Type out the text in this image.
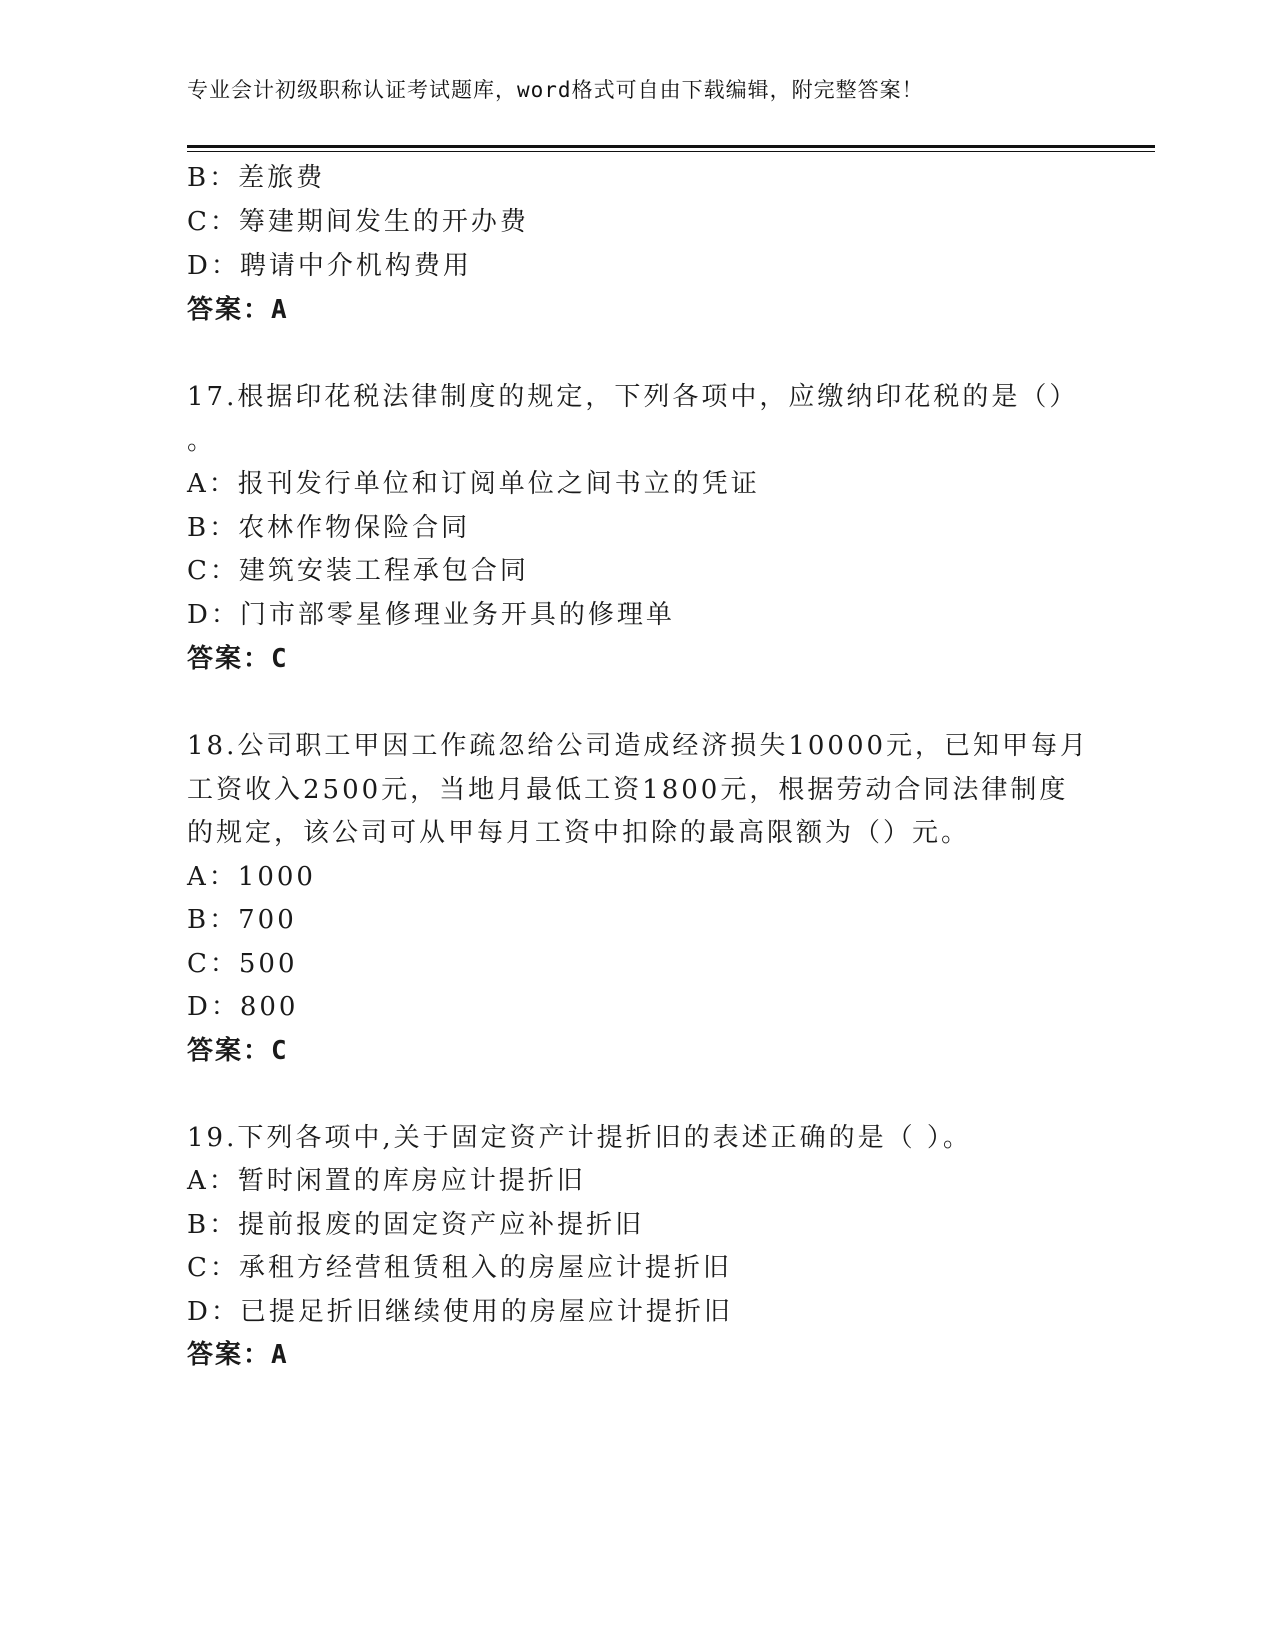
专业会计初级职称认证考试题库，word格式可自由下载编辑，附完整答案！
B：差旅费
C：筹建期间发生的开办费
D：聘请中介机构费用
答案：A
17.根据印花税法律制度的规定，下列各项中，应缴纳印花税的是（）
。
A：报刊发行单位和订阅单位之间书立的凭证
B：农林作物保险合同
C：建筑安装工程承包合同
D：门市部零星修理业务开具的修理单
答案：C
18.公司职工甲因工作疏忽给公司造成经济损失10000元，已知甲每月
工资收入2500元，当地月最低工资1800元，根据劳动合同法律制度
的规定，该公司可从甲每月工资中扣除的最高限额为（）元。
A：1000
B：700
C：500
D：800
答案：C
19.下列各项中,关于固定资产计提折旧的表述正确的是（ ）。
A：暂时闲置的库房应计提折旧
B：提前报废的固定资产应补提折旧
C：承租方经营租赁租入的房屋应计提折旧
D：已提足折旧继续使用的房屋应计提折旧
答案：A
